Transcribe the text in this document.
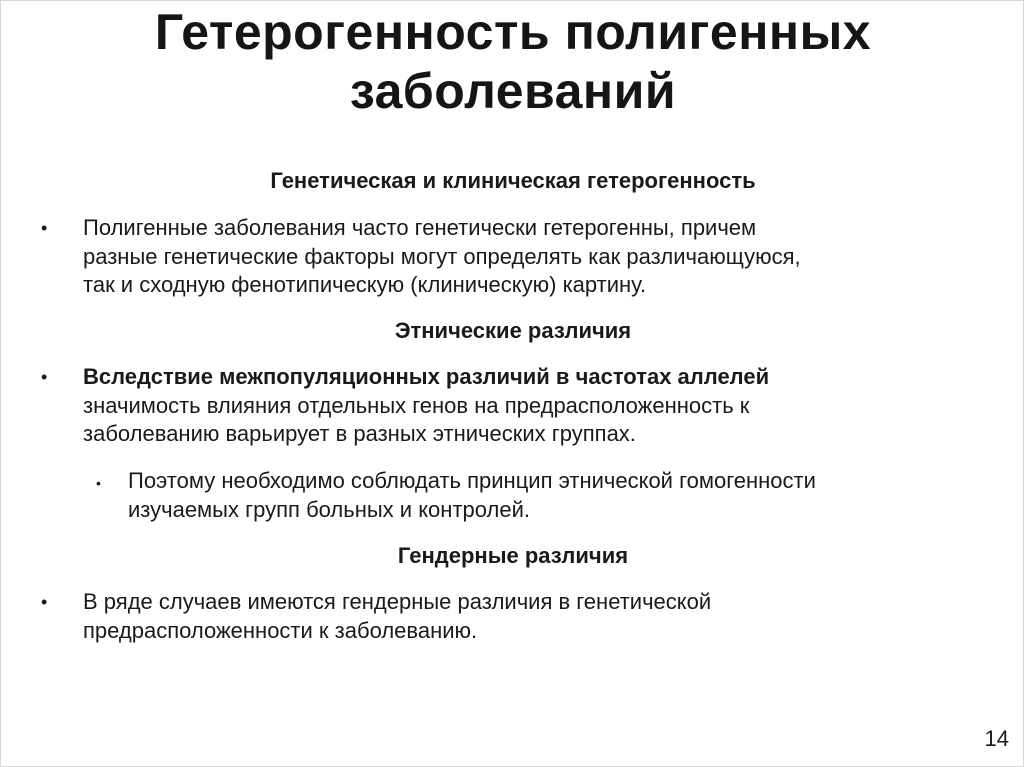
Гетерогенность полигенных
заболеваний
Генетическая и клиническая гетерогенность
• Полигенные заболевания часто генетически гетерогенны, причем
разные генетические факторы могут определять как различающуюся,
так и сходную фенотипическую (клиническую) картину.
Этнические различия
• Вследствие межпопуляционных различий в частотах аллелей
значимость влияния отдельных генов на предрасположенность к
заболеванию варьирует в разных этнических группах.
• Поэтому необходимо соблюдать принцип этнической гомогенности
изучаемых групп больных и контролей.
Гендерные различия
• В ряде случаев имеются гендерные различия в генетической
предрасположенности к заболеванию.
14
